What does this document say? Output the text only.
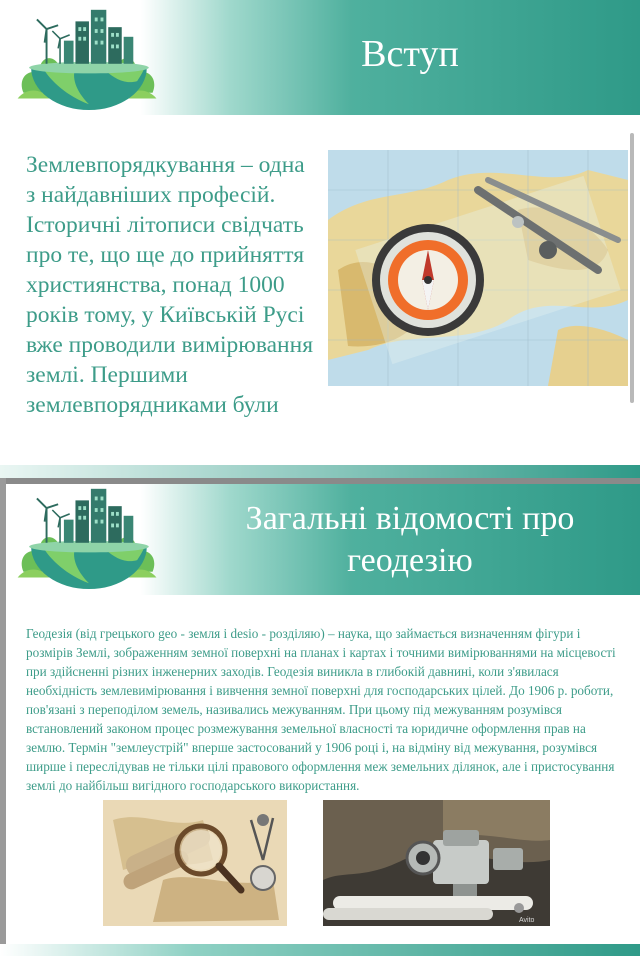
Вступ

Землевпорядкування – одна з найдавніших професій. Історичні літописи свідчать про те, що ще до прийняття християнства, понад 1000 років тому, у Київській Русі вже проводили вимірювання землі. Першими землевпорядниками були

Загальні відомості про геодезію

Геодезія (від грецького geo - земля і desio - розділяю) – наука, що займається визначенням фігури і розмірів Землі, зображенням земної поверхні на планах і картах і точними вимірюваннями на місцевості при здійсненні різних інженерних заходів. Геодезія виникла в глибокій давнині, коли з'явилася необхідність землевимірювання і вивчення земної поверхні для господарських цілей. До 1906 р. роботи, пов'язані з переподілом земель, називались межуванням. При цьому під межуванням розумівся встановлений законом процес розмежування земельної власності та юридичне оформлення прав на землю. Термін "землеустрій" вперше застосований у 1906 році і, на відміну від межування, розумівся ширше і переслідував не тільки цілі правового оформлення меж земельних ділянок, але і пристосування землі до найбільш вигідного господарського використання.

Avito
